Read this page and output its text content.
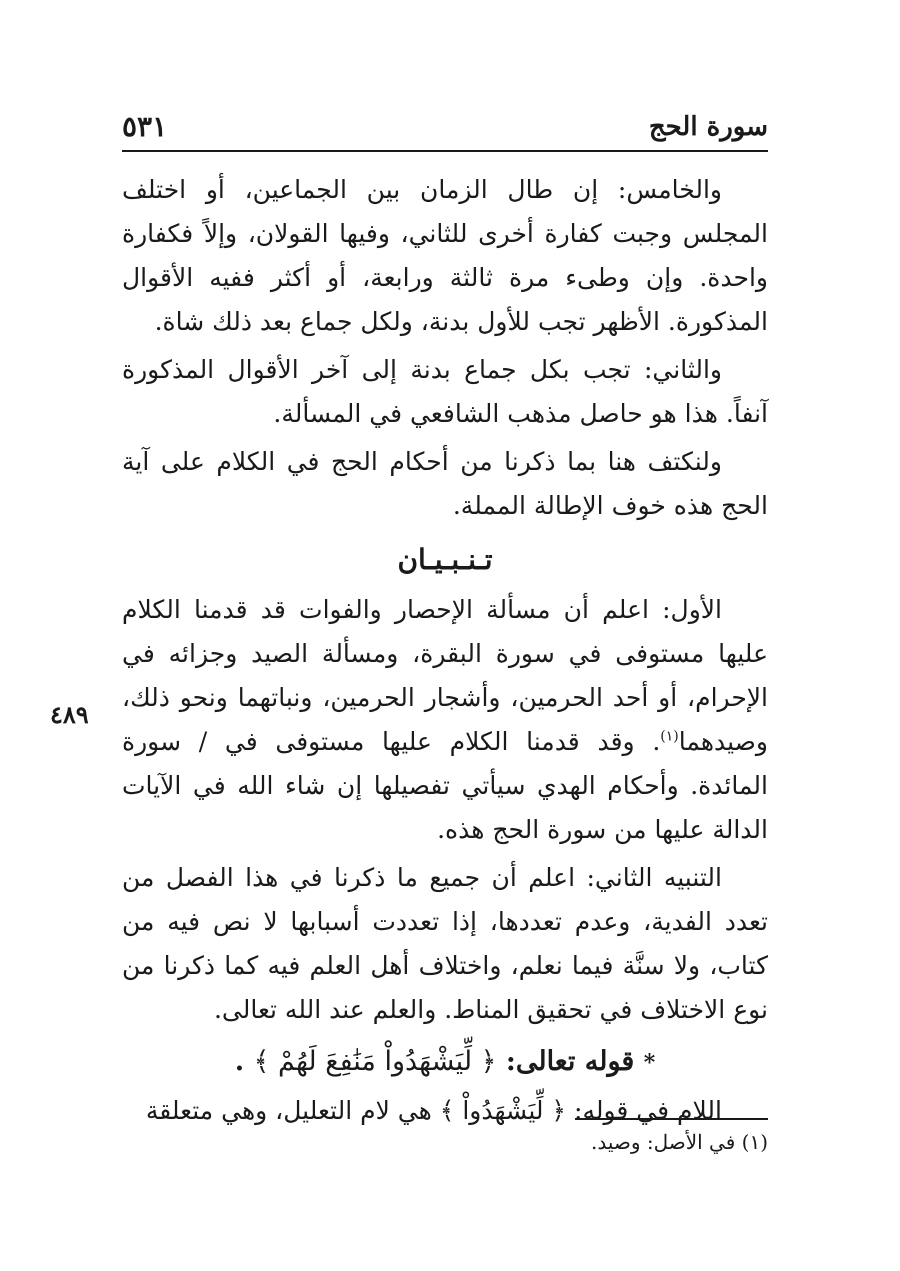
سورة الحج
٥٣١

والخامس: إن طال الزمان بين الجماعين، أو اختلف المجلس وجبت كفارة أخرى للثاني، وفيها القولان، وإلاً فكفارة واحدة. وإن وطىء مرة ثالثة ورابعة، أو أكثر ففيه الأقوال المذكورة. الأظهر تجب للأول بدنة، ولكل جماع بعد ذلك شاة.

والثاني: تجب بكل جماع بدنة إلى آخر الأقوال المذكورة آنفاً. هذا هو حاصل مذهب الشافعي في المسألة.

ولنكتف هنا بما ذكرنا من أحكام الحج في الكلام على آية الحج هذه خوف الإطالة المملة.

تـنـبـيـان

الأول: اعلم أن مسألة الإحصار والفوات قد قدمنا الكلام عليها مستوفى في سورة البقرة، ومسألة الصيد وجزائه في الإحرام، أو أحد الحرمين، وأشجار الحرمين، ونباتهما ونحو ذلك، وصيدهما$^{(١)}$. وقد قدمنا الكلام عليها مستوفى في / سورة المائدة. وأحكام الهدي سيأتي تفصيلها إن شاء الله في الآيات الدالة عليها من سورة الحج هذه.

التنبيه الثاني: اعلم أن جميع ما ذكرنا في هذا الفصل من تعدد الفدية، وعدم تعددها، إذا تعددت أسبابها لا نص فيه من كتاب، ولا سنَّة فيما نعلم، واختلاف أهل العلم فيه كما ذكرنا من نوع الاختلاف في تحقيق المناط. والعلم عند الله تعالى.

* قوله تعالى: ﴿ لِّيَشْهَدُواْ مَنَٰفِعَ لَهُمْ ﴾ .

اللام في قوله: ﴿ لِّيَشْهَدُواْ ﴾ هي لام التعليل، وهي متعلقة

٤٨٩
(١) في الأصل: وصيد.
